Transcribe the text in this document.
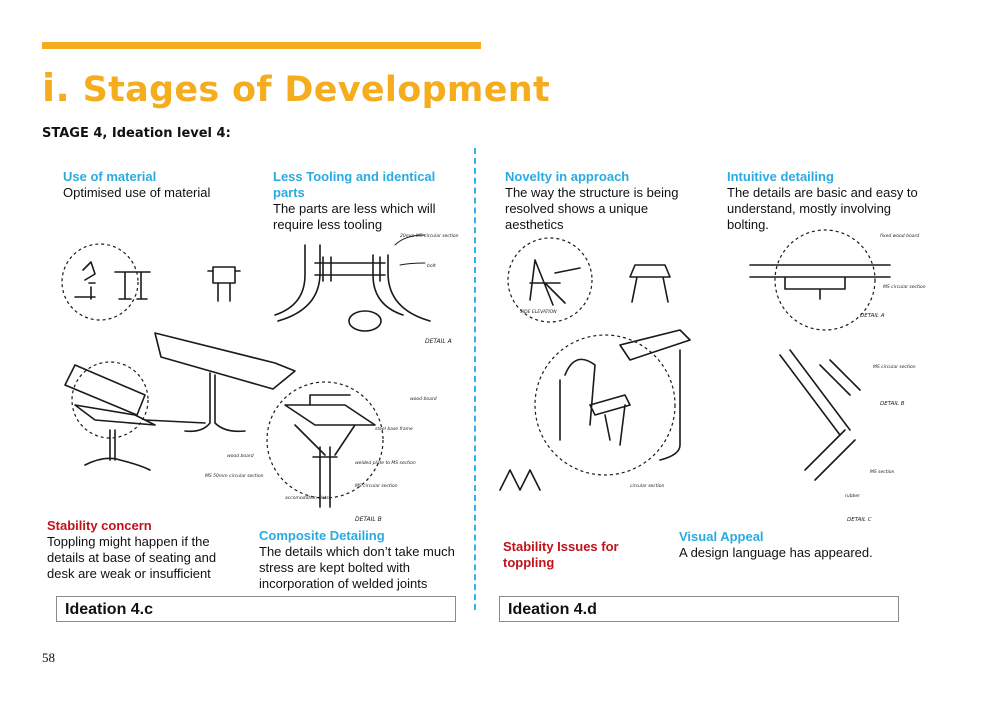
i. Stages of Development
STAGE 4, Ideation level 4:
20mm MS circular section
bolt
DETAIL A
wood board
steel base frame
welded plate to MS section
MS circular section
accomodation slots
DETAIL B
wood board
MS 50mm circular section
SIDE ELEVATION
fixed wood board
MS circular section
DETAIL A
MS circular section
DETAIL B
MS section
rubber
DETAIL C
circular section
Use of material
Optimised use of material
Less Tooling and identical parts
The parts are less which will require less tooling
Stability concern
Toppling might happen if the details at base of seating and desk are weak or insufficient
Composite Detailing
The details which don’t take much stress are kept bolted with incorporation of welded joints
Ideation 4.c
Novelty in approach
The way the structure is being resolved shows a unique aesthetics
Intuitive detailing
The details are basic and easy to understand, mostly involving bolting.
Stability Issues for toppling
Visual Appeal
A design language has appeared.
Ideation 4.d
58
